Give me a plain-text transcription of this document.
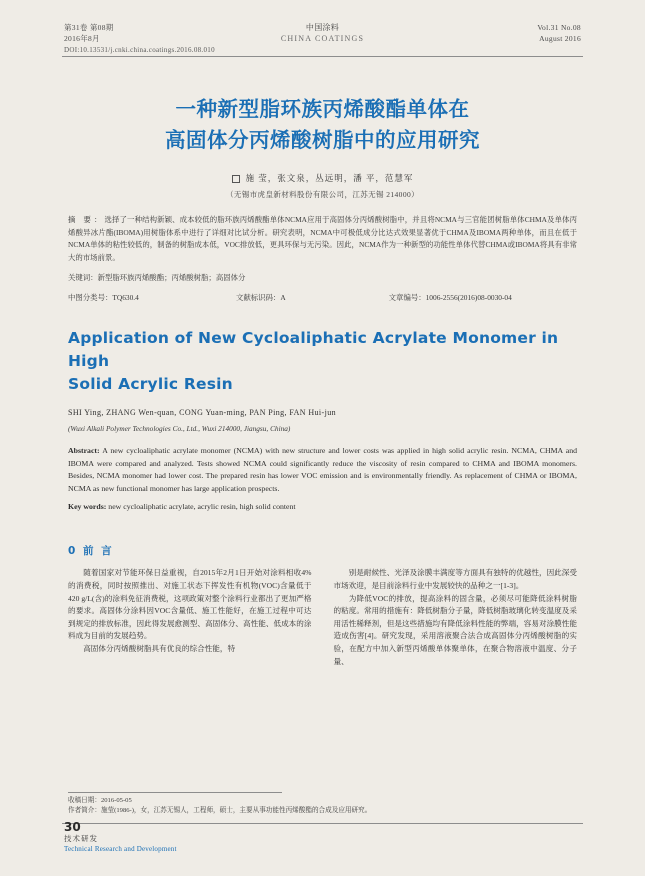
第31卷 第08期
2016年8月
中国涂料
CHINA COATINGS
Vol.31 No.08
August 2016
DOI:10.13531/j.cnki.china.coatings.2016.08.010
一种新型脂环族丙烯酸酯单体在
高固体分丙烯酸树脂中的应用研究
施 莹，张文泉，丛远明，潘 平，范慧军
（无锡市虎皇新材料股份有限公司，江苏无锡 214000）
摘 要：选择了一种结构新颖、成本较低的脂环族丙烯酸酯单体NCMA应用于高固体分丙烯酸树脂中，并且将NCMA与三官能团树脂单体CHMA及单体丙烯酸异冰片酯(IBOMA)用树脂体系中进行了详细对比试分析。研究表明，NCMA中可极低成分比达式效果显著优于CHMA及IBOMA两种单体，而且在低于NCMA单体的粘性较低的，制备的树脂成本低，VOC排放低，更具环保与无污染。因此，NCMA作为一种新型的功能性单体代替CHMA或IBOMA将具有非常大的市场前景。
关键词：新型脂环族丙烯酸酯；丙烯酸树脂；高固体分
中图分类号：TQ630.4	文献标识码：A	文章编号：1006-2556(2016)08-0030-04
Application of New Cycloaliphatic Acrylate Monomer in High
Solid Acrylic Resin
SHI Ying, ZHANG Wen-quan, CONG Yuan-ming, PAN Ping, FAN Hui-jun
(Wuxi Alkali Polymer Technologies Co., Ltd., Wuxi 214000, Jiangsu, China)
Abstract: A new cycloaliphatic acrylate monomer (NCMA) with new structure and lower costs was applied in high solid acrylic resin. NCMA, CHMA and IBOMA were compared and analyzed. Tests showed NCMA could significantly reduce the viscosity of resin compared to CHMA and IBOMA monomers. Besides, NCMA monomer had lower cost. The prepared resin has lower VOC emission and is environmentally friendly. As replacement of CHMA or IBOMA, NCMA as new functional monomer has large application prospects.
Key words: new cycloaliphatic acrylate, acrylic resin, high solid content
0 前 言

随着国家对节能环保日益重视，自2015年2月1日开始对涂料相收4%的消费税，同时按照推出、对施工状态下挥发性有机物(VOC)含量低于420 g/L(含)的涂料免征消费税，这项政策对整个涂料行业都出了更加严格的要求。高固体分涂料因VOC含量低、施工性能好，在施工过程中可达到规定的排放标准，因此得发展愈测型、高固体分、高性能、低成本的涂料成为目前的发展趋势。

高固体分丙烯酸树脂具有优良的综合性能，特

别是耐候性、光泽及涂膜丰满度等方面具有独特的优越性，因此深受市场欢迎，是目前涂料行业中发展较快的品种之一[1-3]。

为降低VOC的排放，提高涂料的固含量，必须尽可能降低涂料树脂的粘度。常用的措施有：降低树脂分子量，降低树脂玻璃化转变温度及采用活性稀释剂，但是这些措施均有降低涂料性能的弊端，容易对涂膜性能造成伤害[4]。研究发现，采用溶液聚合法合成高固体分丙烯酸树脂的实验，在配方中加入新型丙烯酸单体聚单体，在聚合物溶液中温度、分子量、

收稿日期：2016-05-05
作者简介：施莹(1986-)，女，江苏无锡人，工程师，硕士，主要从事功能性丙烯酸酯的合成及应用研究。
30
技术研发
Technical Research and Development
